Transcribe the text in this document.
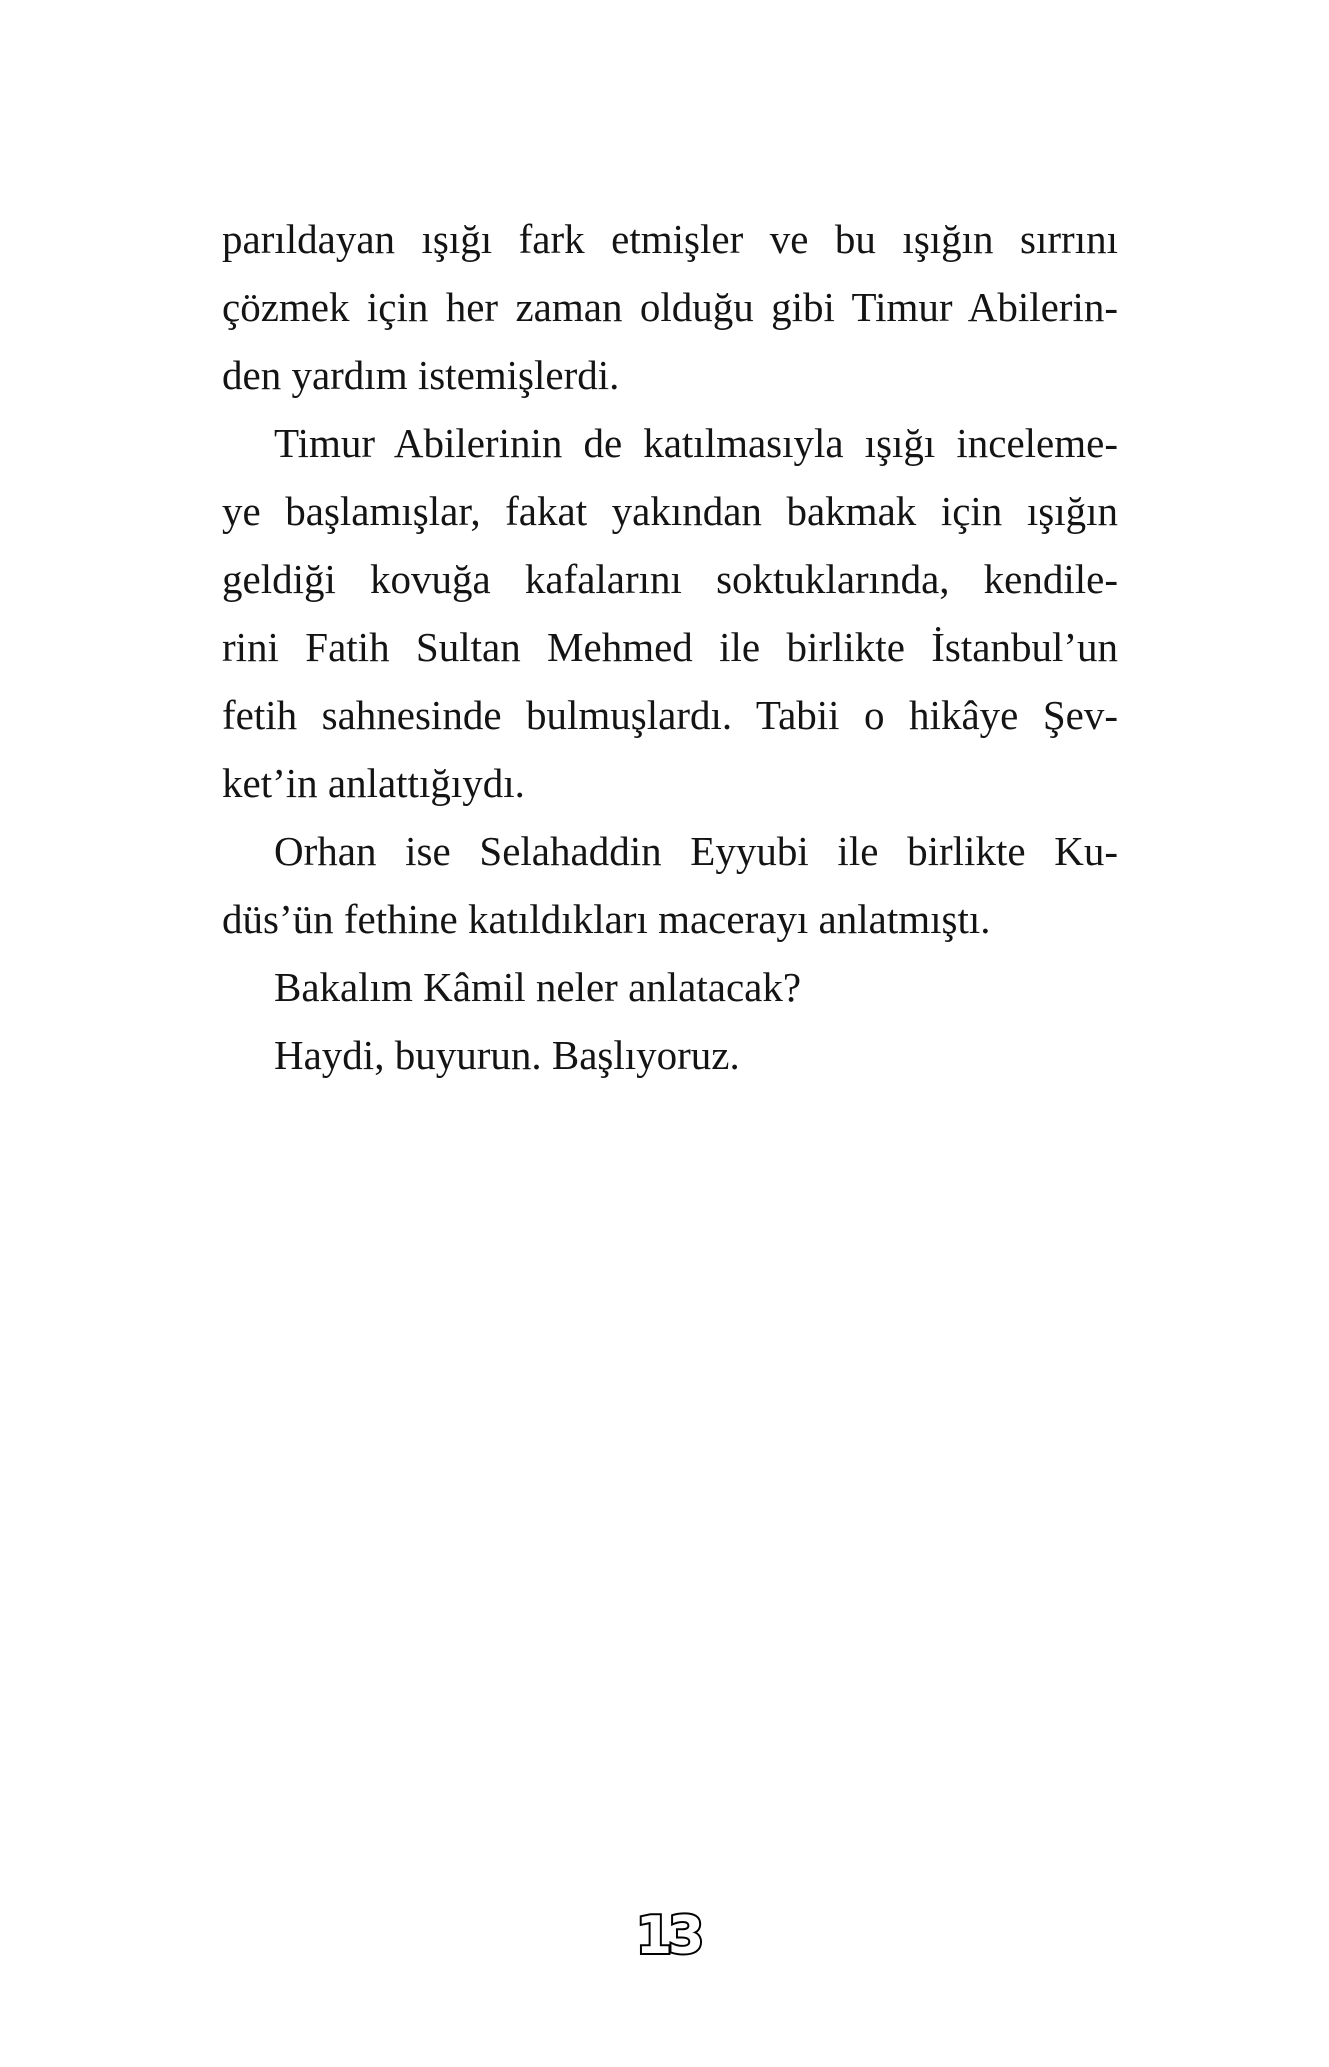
parıldayan ışığı fark etmişler ve bu ışığın sırrını
çözmek için her zaman olduğu gibi Timur Abilerin-
den yardım istemişlerdi.
Timur Abilerinin de katılmasıyla ışığı inceleme-
ye başlamışlar, fakat yakından bakmak için ışığın
geldiği kovuğa kafalarını soktuklarında, kendile-
rini Fatih Sultan Mehmed ile birlikte İstanbul’un
fetih sahnesinde bulmuşlardı. Tabii o hikâye Şev-
ket’in anlattığıydı.
Orhan ise Selahaddin Eyyubi ile birlikte Ku-
düs’ün fethine katıldıkları macerayı anlatmıştı.
Bakalım Kâmil neler anlatacak?
Haydi, buyurun. Başlıyoruz.
13
